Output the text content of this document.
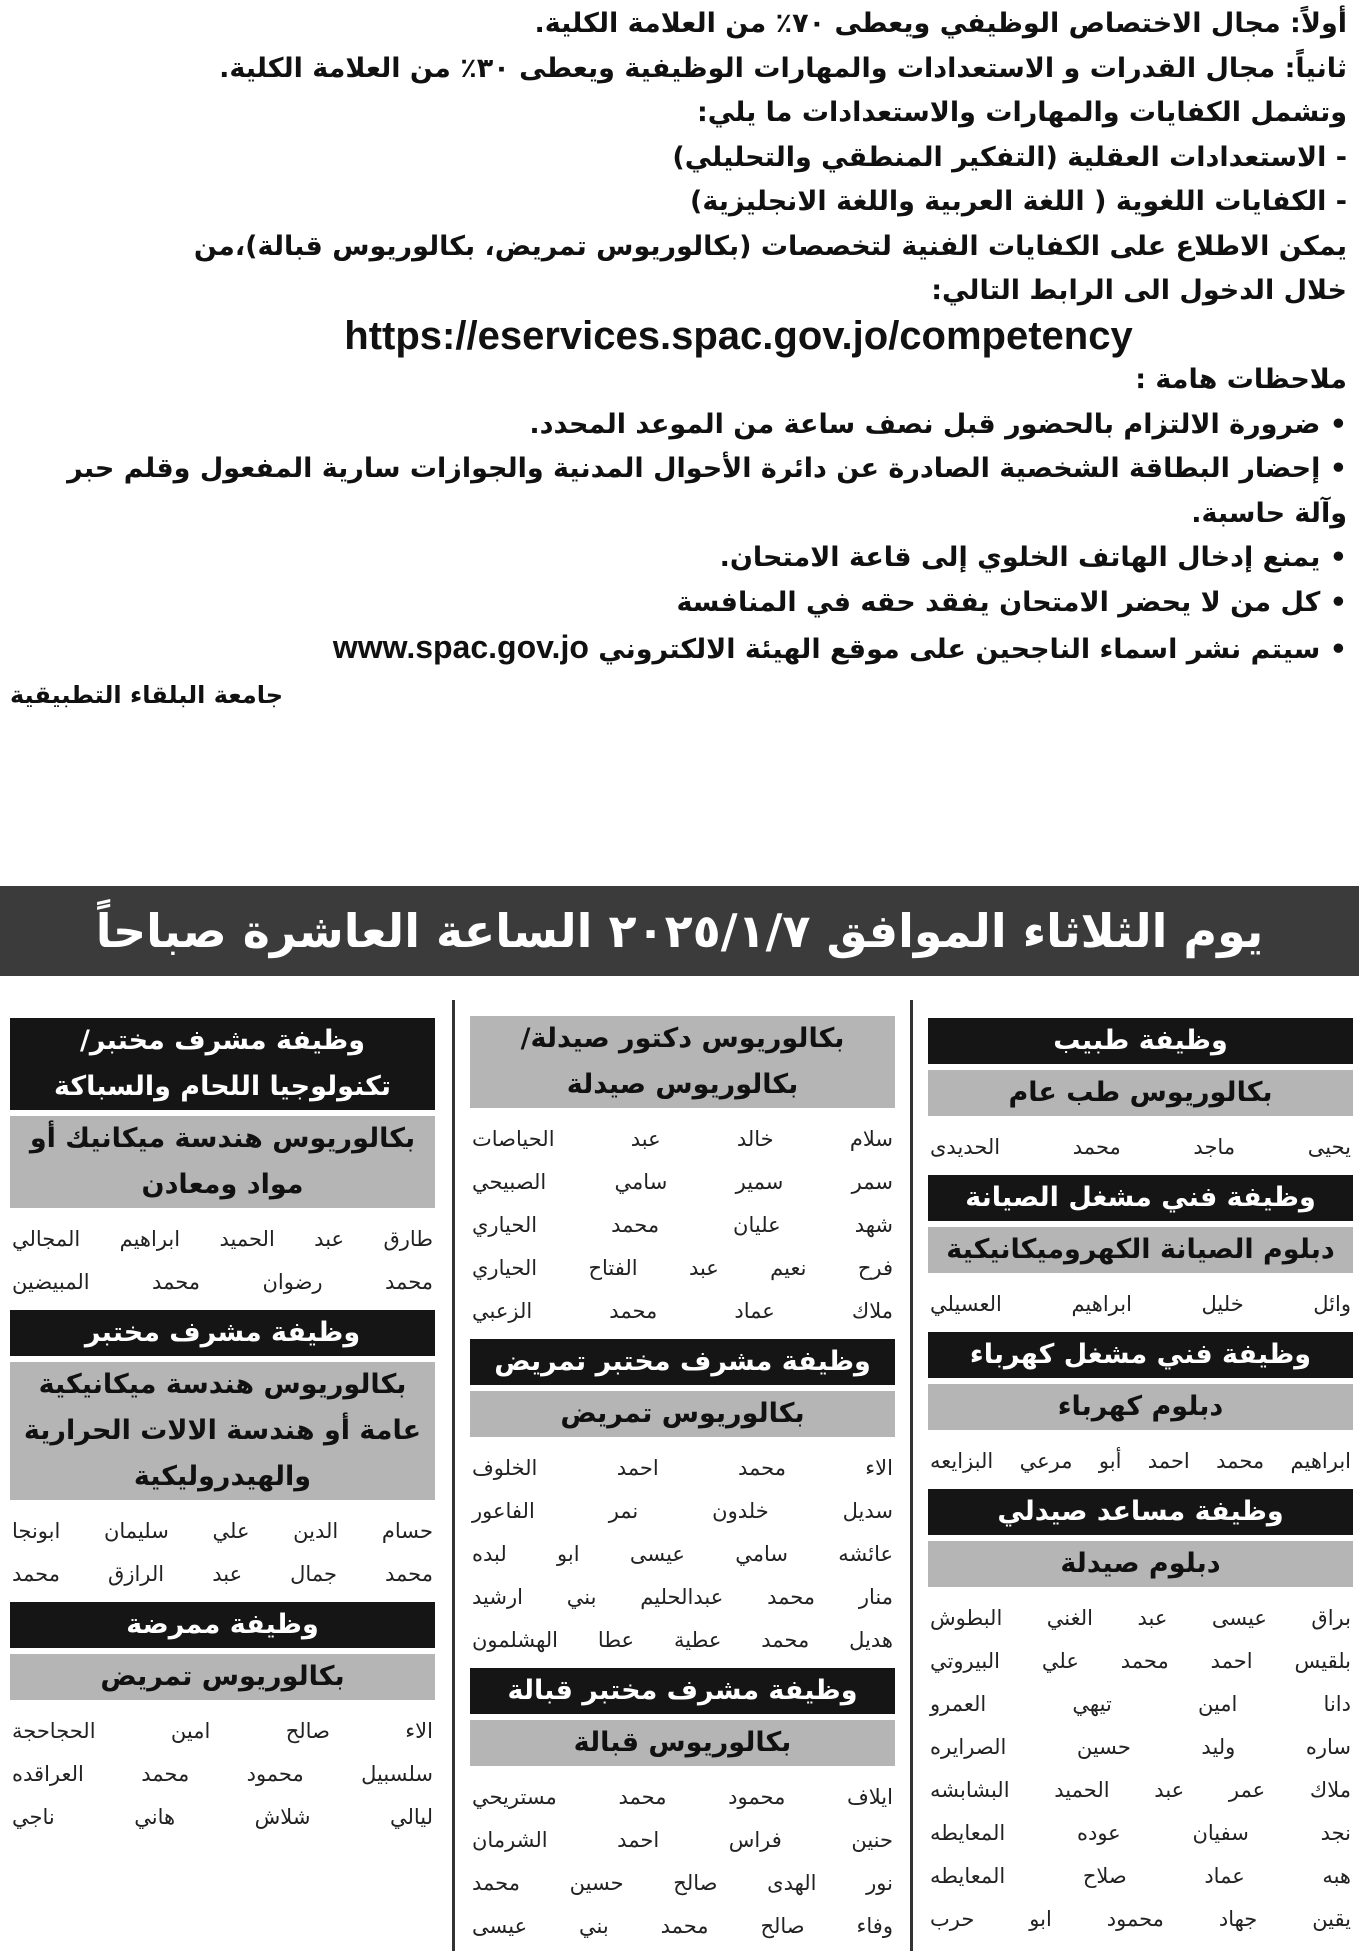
أولاً: مجال الاختصاص الوظيفي ويعطى ٧٠٪ من العلامة الكلية.
ثانياً: مجال القدرات و الاستعدادات والمهارات الوظيفية ويعطى ٣٠٪ من العلامة الكلية.
وتشمل الكفايات والمهارات والاستعدادات ما يلي:
- الاستعدادات العقلية (التفكير المنطقي والتحليلي)
- الكفايات اللغوية ( اللغة العربية واللغة الانجليزية)
يمكن الاطلاع على الكفايات الفنية لتخصصات (بكالوريوس تمريض، بكالوريوس قبالة)،من
خلال الدخول الى الرابط التالي:
https://eservices.spac.gov.jo/competency
ملاحظات هامة :
• ضرورة الالتزام بالحضور قبل نصف ساعة من الموعد المحدد.
• إحضار البطاقة الشخصية الصادرة عن دائرة الأحوال المدنية والجوازات سارية المفعول وقلم حبر وآلة حاسبة.
• يمنع إدخال الهاتف الخلوي إلى قاعة الامتحان.
• كل من لا يحضر الامتحان يفقد حقه في المنافسة
• سيتم نشر اسماء الناجحين على موقع الهيئة الالكتروني www.spac.gov.jo
جامعة البلقاء التطبيقية
يوم الثلاثاء الموافق ٢٠٢٥/١/٧ الساعة العاشرة صباحاً
وظيفة طبيب
بكالوريوس طب عام
يحيى ماجد محمد الحديدى
وظيفة فني مشغل الصيانة
دبلوم الصيانة الكهروميكانيكية
وائل خليل ابراهيم العسيلي
وظيفة فني مشغل كهرباء
دبلوم كهرباء
ابراهيم محمد احمد أبو مرعي البزايعه
وظيفة مساعد صيدلي
دبلوم صيدلة
براق عيسى عبد الغني البطوش
بلقيس احمد محمد علي البيروتي
دانا امين تيهي العمرو
ساره وليد حسين الصرايره
ملاك عمر عبد الحميد البشابشه
نجد سفيان عوده المعايطه
هبه عماد صلاح المعايطه
يقين جهاد محمود ابو حرب
بكالوريوس دكتور صيدلة/ بكالوريوس صيدلة
سلام خالد عبد الحياصات
سمر سمير سامي الصبيحي
شهد عليان محمد الحياري
فرح نعيم عبد الفتاح الحياري
ملاك عماد محمد الزعبي
وظيفة مشرف مختبر تمريض
بكالوريوس تمريض
الاء محمد احمد الخلوف
سديل خلدون نمر الفاعور
عائشه سامي عيسى ابو لبده
منار محمد عبدالحليم بني ارشيد
هديل محمد عطية عطا الهشلمون
وظيفة مشرف مختبر قبالة
بكالوريوس قبالة
ايلاف محمود محمد مستريحي
حنين فراس احمد الشرمان
نور الهدى صالح حسين محمد
وفاء صالح محمد بني عيسى
وظيفة مشرف مختبر/ تكنولوجيا اللحام والسباكة
بكالوريوس هندسة ميكانيك أو مواد ومعادن
طارق عبد الحميد ابراهيم المجالي
محمد رضوان محمد المبيضين
وظيفة مشرف مختبر
بكالوريوس هندسة ميكانيكية عامة أو هندسة الالات الحرارية والهيدروليكية
حسام الدين علي سليمان ابونجا
محمد جمال عبد الرازق محمد
وظيفة ممرضة
بكالوريوس تمريض
الاء صالح امين الحجاحجة
سلسبيل محمود محمد العراقده
ليالي شلاش هاني ناجي
